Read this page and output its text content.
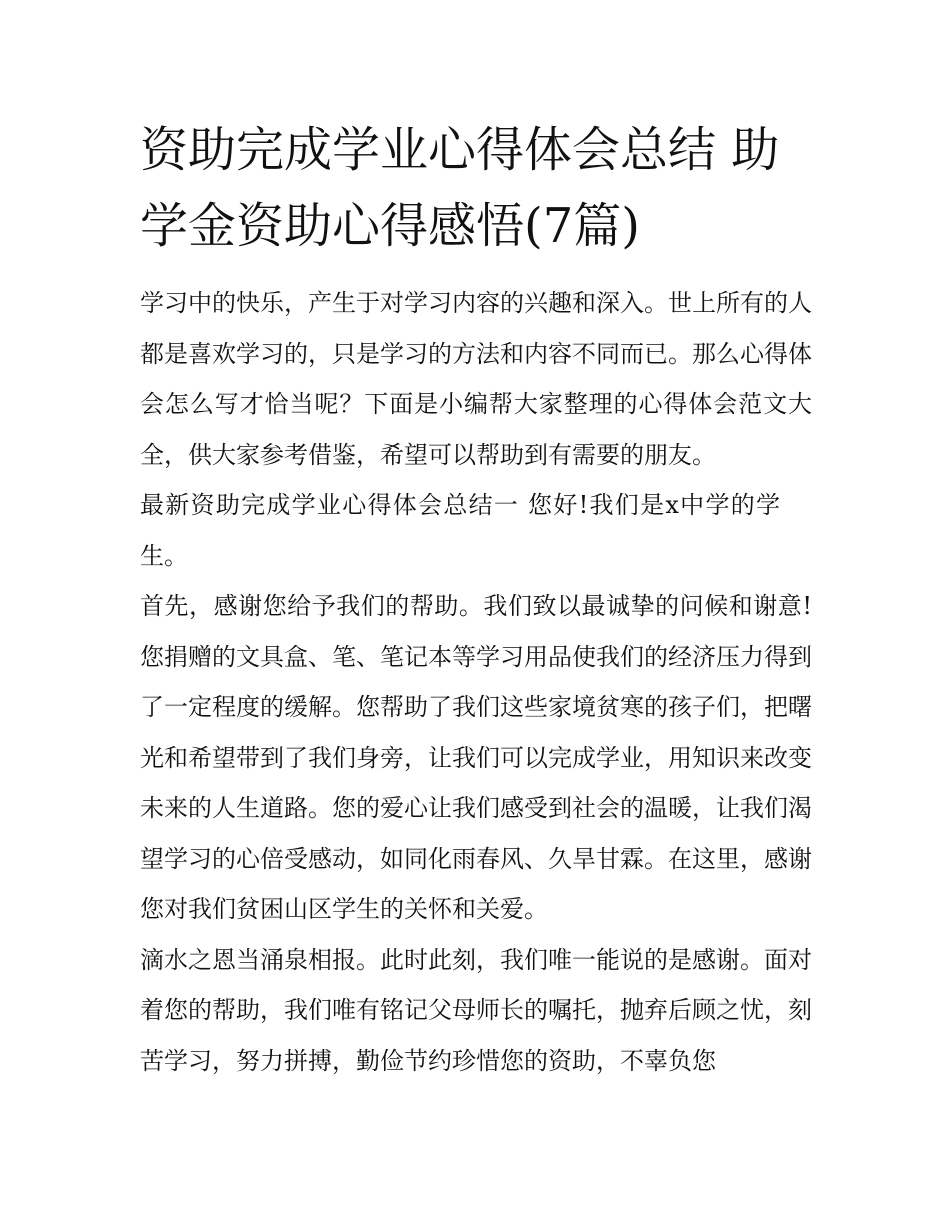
资助完成学业心得体会总结 助学金资助心得感悟(7篇)

学习中的快乐，产生于对学习内容的兴趣和深入。世上所有的人都是喜欢学习的，只是学习的方法和内容不同而已。那么心得体会怎么写才恰当呢？下面是小编帮大家整理的心得体会范文大全，供大家参考借鉴，希望可以帮助到有需要的朋友。

最新资助完成学业心得体会总结一 您好!我们是x中学的学生。

首先，感谢您给予我们的帮助。我们致以最诚挚的问候和谢意!您捐赠的文具盒、笔、笔记本等学习用品使我们的经济压力得到了一定程度的缓解。您帮助了我们这些家境贫寒的孩子们，把曙光和希望带到了我们身旁，让我们可以完成学业，用知识来改变未来的人生道路。您的爱心让我们感受到社会的温暖，让我们渴望学习的心倍受感动，如同化雨春风、久旱甘霖。在这里，感谢您对我们贫困山区学生的关怀和关爱。

滴水之恩当涌泉相报。此时此刻，我们唯一能说的是感谢。面对着您的帮助，我们唯有铭记父母师长的嘱托，抛弃后顾之忧，刻苦学习，努力拼搏，勤俭节约珍惜您的资助，不辜负您
